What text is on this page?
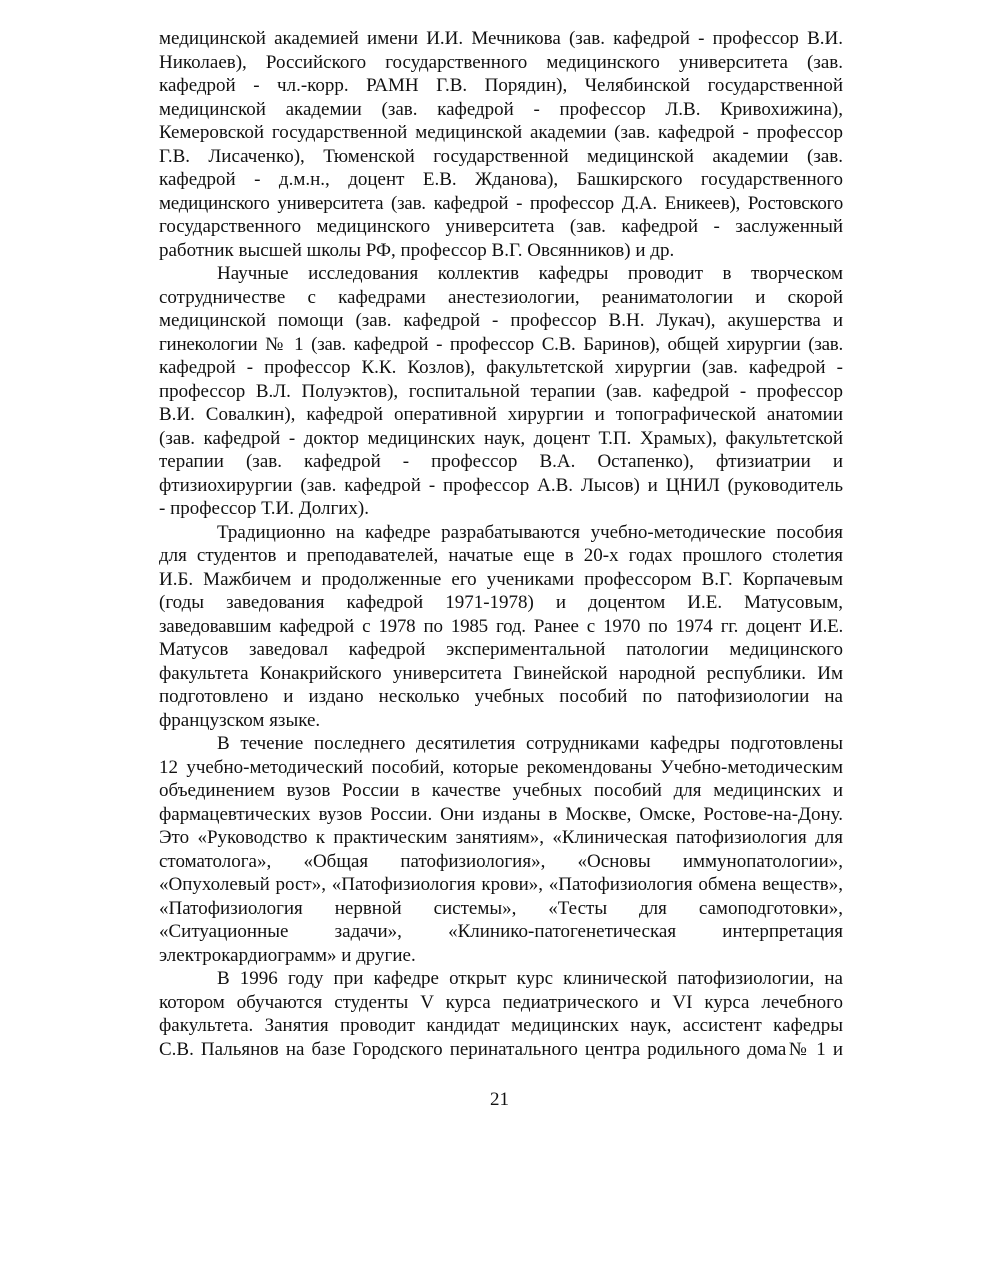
медицинской академией имени И.И. Мечникова (зав. кафедрой - профессор В.И.
Николаев), Российского государственного медицинского университета (зав.
кафедрой - чл.-корр. РАМН Г.В. Порядин), Челябинской государственной
медицинской академии (зав. кафедрой - профессор Л.В. Кривохижина),
Кемеровской государственной медицинской академии (зав. кафедрой - профессор
Г.В. Лисаченко), Тюменской государственной медицинской академии (зав.
кафедрой - д.м.н., доцент Е.В. Жданова), Башкирского государственного
медицинского университета (зав. кафедрой - профессор Д.А. Еникеев), Ростовского
государственного медицинского университета (зав. кафедрой - заслуженный
работник высшей школы РФ, профессор В.Г. Овсянников) и др.
Научные исследования коллектив кафедры проводит в творческом
сотрудничестве с кафедрами анестезиологии, реаниматологии и скорой
медицинской помощи (зав. кафедрой - профессор В.Н. Лукач), акушерства и
гинекологии № 1 (зав. кафедрой - профессор С.В. Баринов), общей хирургии (зав.
кафедрой - профессор К.К. Козлов), факультетской хирургии (зав. кафедрой -
профессор В.Л. Полуэктов), госпитальной терапии (зав. кафедрой - профессор
В.И. Совалкин), кафедрой оперативной хирургии и топографической анатомии
(зав. кафедрой - доктор медицинских наук, доцент Т.П. Храмых), факультетской
терапии (зав. кафедрой - профессор В.А. Остапенко), фтизиатрии и
фтизиохирургии (зав. кафедрой - профессор А.В. Лысов) и ЦНИЛ (руководитель
- профессор Т.И. Долгих).
Традиционно на кафедре разрабатываются учебно-методические пособия
для студентов и преподавателей, начатые еще в 20-х годах прошлого столетия
И.Б. Мажбичем и продолженные его учениками профессором В.Г. Корпачевым
(годы заведования кафедрой 1971-1978) и доцентом И.Е. Матусовым,
заведовавшим кафедрой с 1978 по 1985 год. Ранее с 1970 по 1974 гг. доцент И.Е.
Матусов заведовал кафедрой экспериментальной патологии медицинского
факультета Конакрийского университета Гвинейской народной республики. Им
подготовлено и издано несколько учебных пособий по патофизиологии на
французском языке.
В течение последнего десятилетия сотрудниками кафедры подготовлены
12 учебно-методический пособий, которые рекомендованы Учебно-методическим
объединением вузов России в качестве учебных пособий для медицинских и
фармацевтических вузов России. Они изданы в Москве, Омске, Ростове-на-Дону.
Это «Руководство к практическим занятиям», «Клиническая патофизиология для
стоматолога», «Общая патофизиология», «Основы иммунопатологии»,
«Опухолевый рост», «Патофизиология крови», «Патофизиология обмена веществ»,
«Патофизиология нервной системы», «Тесты для самоподготовки»,
«Ситуационные задачи», «Клинико-патогенетическая интерпретация
электрокардиограмм» и другие.
В 1996 году при кафедре открыт курс клинической патофизиологии, на
котором обучаются студенты V курса педиатрического и VI курса лечебного
факультета. Занятия проводит кандидат медицинских наук, ассистент кафедры
С.В. Пальянов на базе Городского перинатального центра родильного дома№ 1 и
21
